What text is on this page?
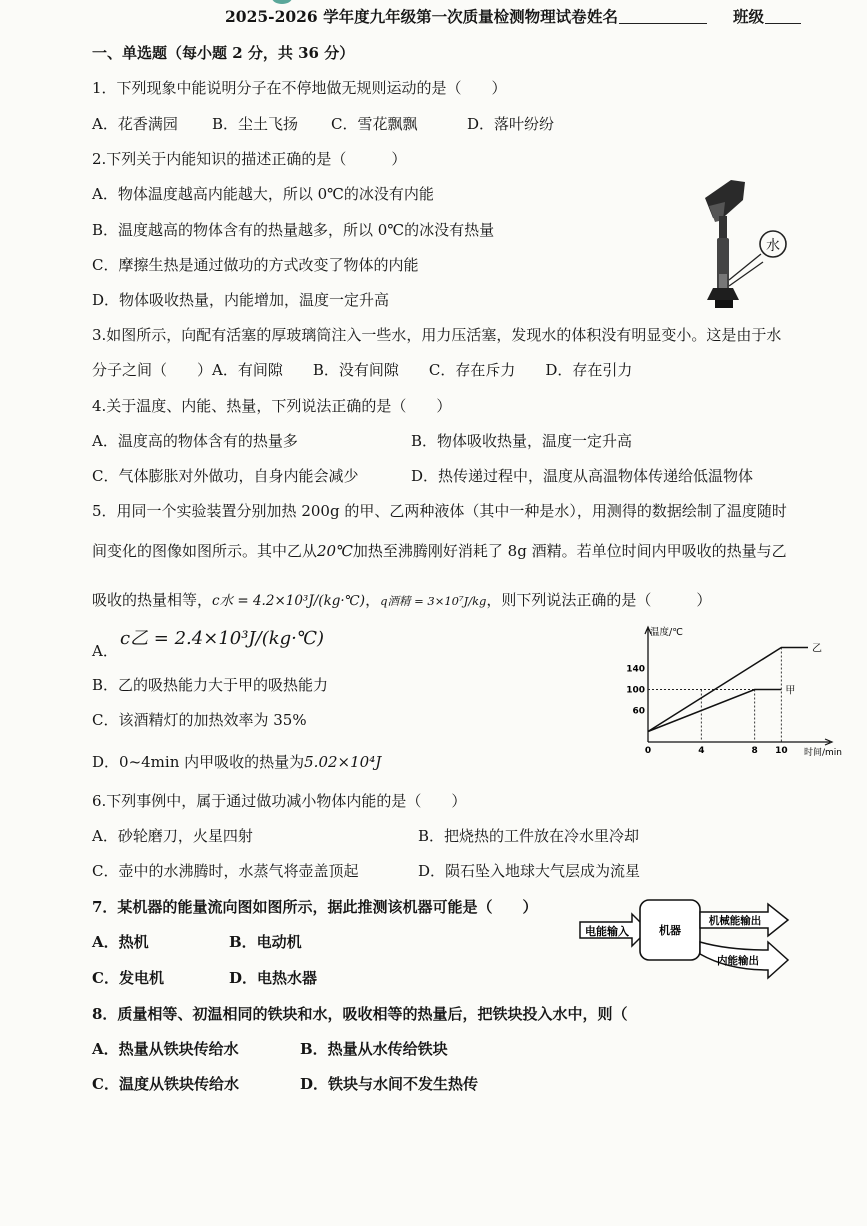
2025-2026 学年度九年级第一次质量检测物理试卷 姓名	班级
一、单选题（每小题 2 分，共 36 分）
1．下列现象中能说明分子在不停地做无规则运动的是（　　）
A．花香满园 B．尘土飞扬 C．雪花飘飘	D．落叶纷纷
2.下列关于内能知识的描述正确的是（　　　）
A．物体温度越高内能越大，所以 0℃的冰没有内能
B．温度越高的物体含有的热量越多，所以 0℃的冰没有热量
C．摩擦生热是通过做功的方式改变了物体的内能
D．物体吸收热量，内能增加，温度一定升高
水
3.如图所示，向配有活塞的厚玻璃筒注入一些水，用力压活塞，发现水的体积没有明显变小。这是由于水
分子之间（　　）A．有间隙　　B．没有间隙　　C．存在斥力　　D．存在引力
4.关于温度、内能、热量，下列说法正确的是（　　）
A．温度高的物体含有的热量多	B．物体吸收热量，温度一定升高
C．气体膨胀对外做功，自身内能会减少	D．热传递过程中，温度从高温物体传递给低温物体
5．用同一个实验装置分别加热 200g 的甲、乙两种液体（其中一种是水），用测得的数据绘制了温度随时
间变化的图像如图所示。其中乙从20℃加热至沸腾刚好消耗了 8g 酒精。若单位时间内甲吸收的热量与乙
吸收的热量相等，c水 = 4.2×10³J/(kg·℃)，q酒精 = 3×10⁷J/kg，则下列说法正确的是（　　　）
A．
c乙 = 2.4×10³J/(kg·℃)
B．乙的吸热能力大于甲的吸热能力
C．该酒精灯的加热效率为 35%
D．0~4min 内甲吸收的热量为5.02×10⁴J
温度/℃
时间/min
0	4	8 10
60
100
140
乙
甲
6.下列事例中，属于通过做功减小物体内能的是（　　）
A．砂轮磨刀，火星四射	B．把烧热的工件放在冷水里冷却
C．壶中的水沸腾时，水蒸气将壶盖顶起	D．陨石坠入地球大气层成为流星
7．某机器的能量流向图如图所示，据此推测该机器可能是（　　）
A．热机	B．电动机
C．发电机	D．电热水器
电能输入	机器
机械能输出
内能输出
8．质量相等、初温相同的铁块和水，吸收相等的热量后，把铁块投入水中，则（
A．热量从铁块传给水	B．热量从水传给铁块
C．温度从铁块传给水	D．铁块与水间不发生热传
